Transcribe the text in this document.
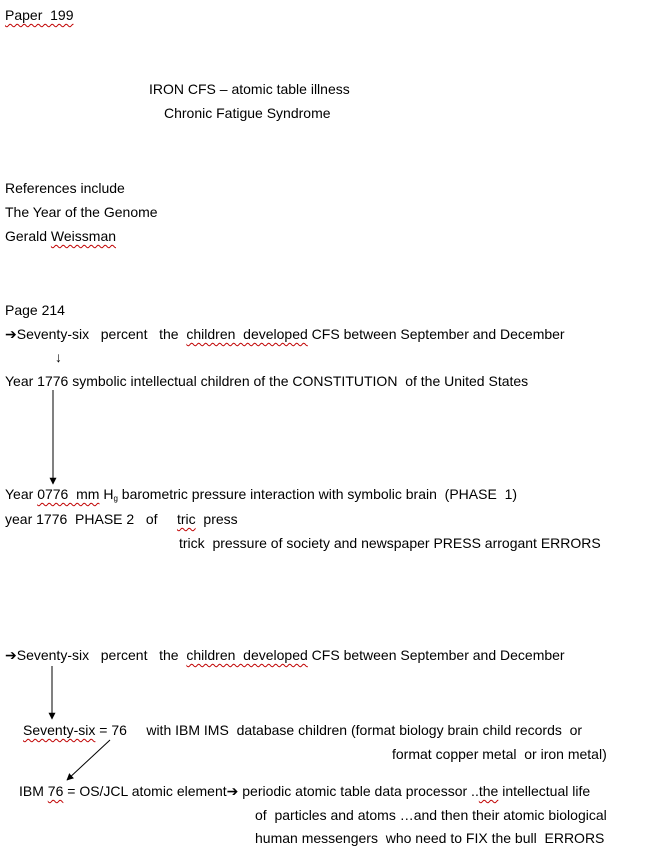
Paper  199
IRON CFS – atomic table illness
Chronic Fatigue Syndrome
References include
The Year of the Genome
Gerald Weissman
Page 214
➔Seventy-six   percent   the  children  developed CFS between September and December
↓
Year 1776 symbolic intellectual children of the CONSTITUTION  of the United States
Year 0776  mm $H_g$ barometric pressure interaction with symbolic brain  (PHASE  1)
year 1776  PHASE 2   of     tric  press
trick  pressure of society and newspaper PRESS arrogant ERRORS
➔Seventy-six   percent   the  children  developed CFS between September and December
Seventy-six = 76     with IBM IMS  database children (format biology brain child records  or
format copper metal  or iron metal)
IBM 76 = OS/JCL atomic element➔ periodic atomic table data processor ..the intellectual life
of  particles and atoms …and then their atomic biological
human messengers  who need to FIX the bull  ERRORS
